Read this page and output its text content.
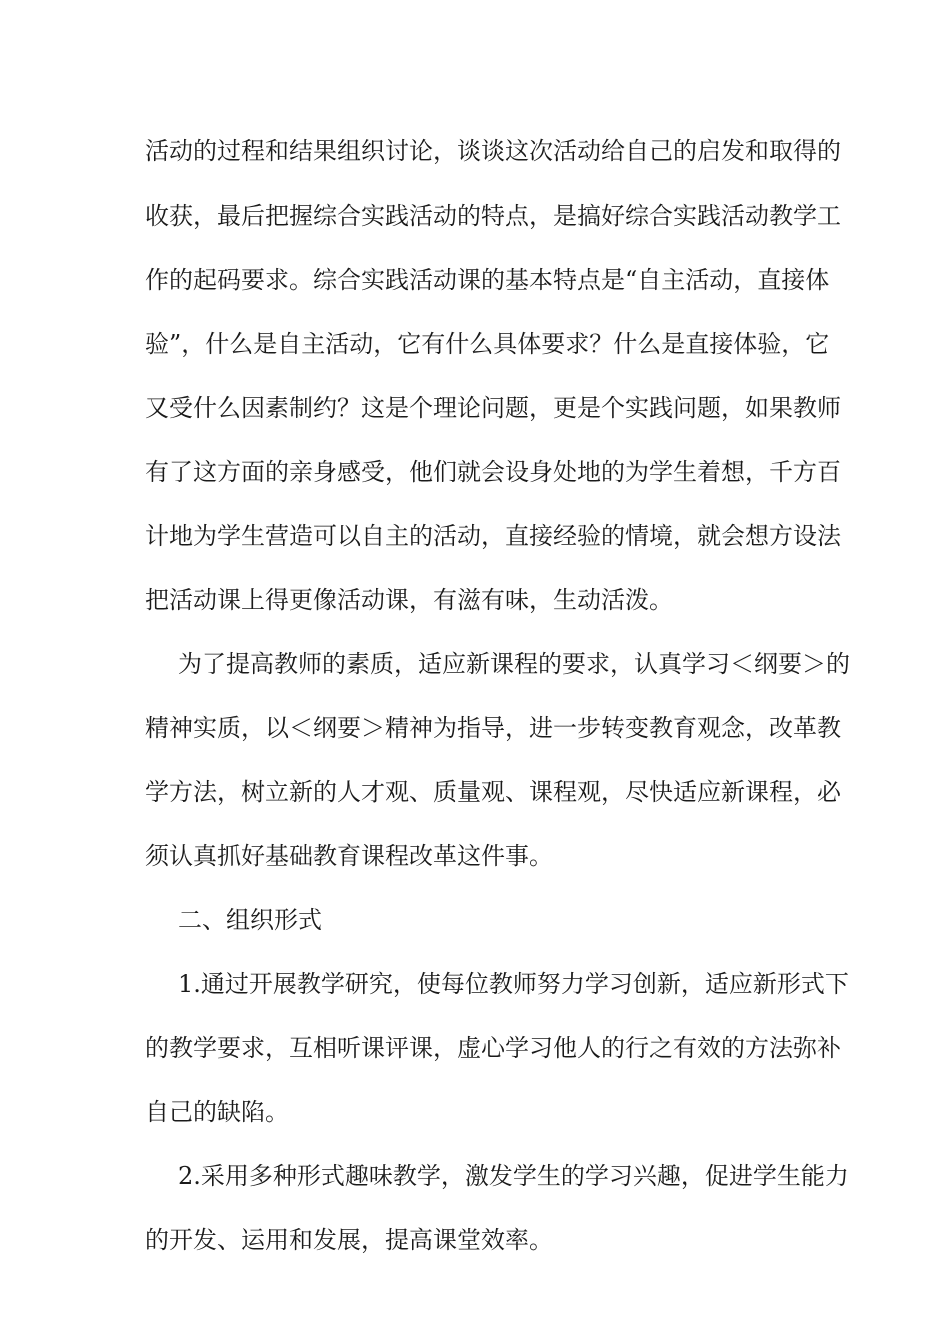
活动的过程和结果组织讨论，谈谈这次活动给自己的启发和取得的
收获，最后把握综合实践活动的特点，是搞好综合实践活动教学工
作的起码要求。综合实践活动课的基本特点是“自主活动，直接体
验”，什么是自主活动，它有什么具体要求？什么是直接体验，它
又受什么因素制约？这是个理论问题，更是个实践问题，如果教师
有了这方面的亲身感受，他们就会设身处地的为学生着想，千方百
计地为学生营造可以自主的活动，直接经验的情境，就会想方设法
把活动课上得更像活动课，有滋有味，生动活泼。
为了提高教师的素质，适应新课程的要求，认真学习＜纲要＞的
精神实质，以＜纲要＞精神为指导，进一步转变教育观念，改革教
学方法，树立新的人才观、质量观、课程观，尽快适应新课程，必
须认真抓好基础教育课程改革这件事。
二、组织形式
1.通过开展教学研究，使每位教师努力学习创新，适应新形式下
的教学要求，互相听课评课，虚心学习他人的行之有效的方法弥补
自己的缺陷。
2.采用多种形式趣味教学，激发学生的学习兴趣，促进学生能力
的开发、运用和发展，提高课堂效率。
